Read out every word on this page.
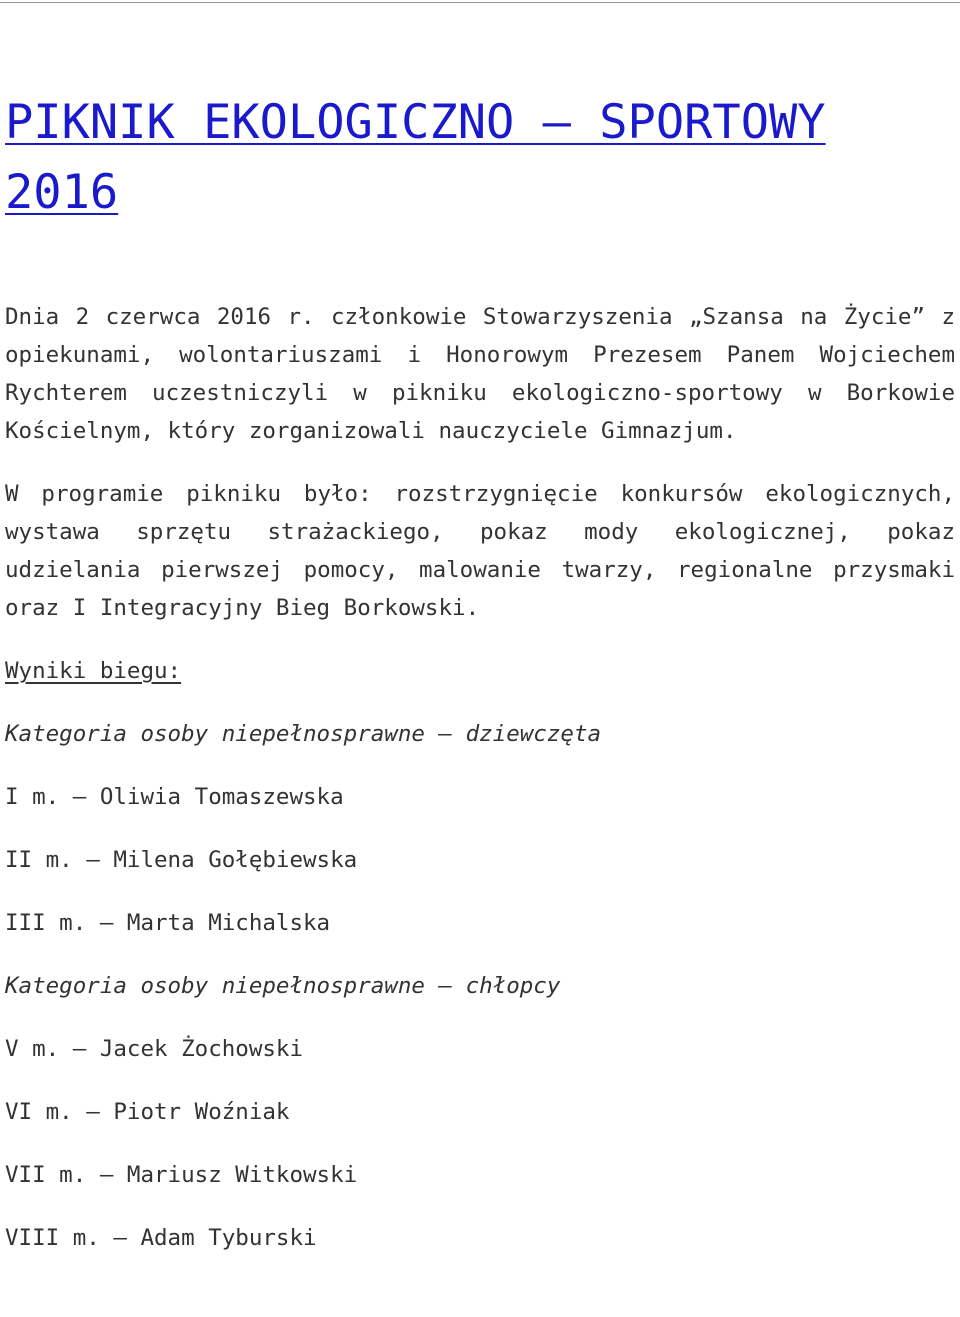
PIKNIK EKOLOGICZNO – SPORTOWY 2016

Dnia 2 czerwca 2016 r. członkowie Stowarzyszenia „Szansa na Życie” z opiekunami, wolontariuszami i Honorowym Prezesem Panem Wojciechem Rychterem uczestniczyli w pikniku ekologiczno-sportowy w Borkowie Kościelnym, który zorganizowali nauczyciele Gimnazjum.

W programie pikniku było: rozstrzygnięcie konkursów ekologicznych, wystawa sprzętu strażackiego, pokaz mody ekologicznej, pokaz udzielania pierwszej pomocy, malowanie twarzy, regionalne przysmaki oraz I Integracyjny Bieg Borkowski.

Wyniki biegu:
Kategoria osoby niepełnosprawne – dziewczęta
I m. – Oliwia Tomaszewska
II m. – Milena Gołębiewska
III m. – Marta Michalska
Kategoria osoby niepełnosprawne – chłopcy
V m. – Jacek Żochowski
VI m. – Piotr Woźniak
VII m. – Mariusz Witkowski
VIII m. – Adam Tyburski
